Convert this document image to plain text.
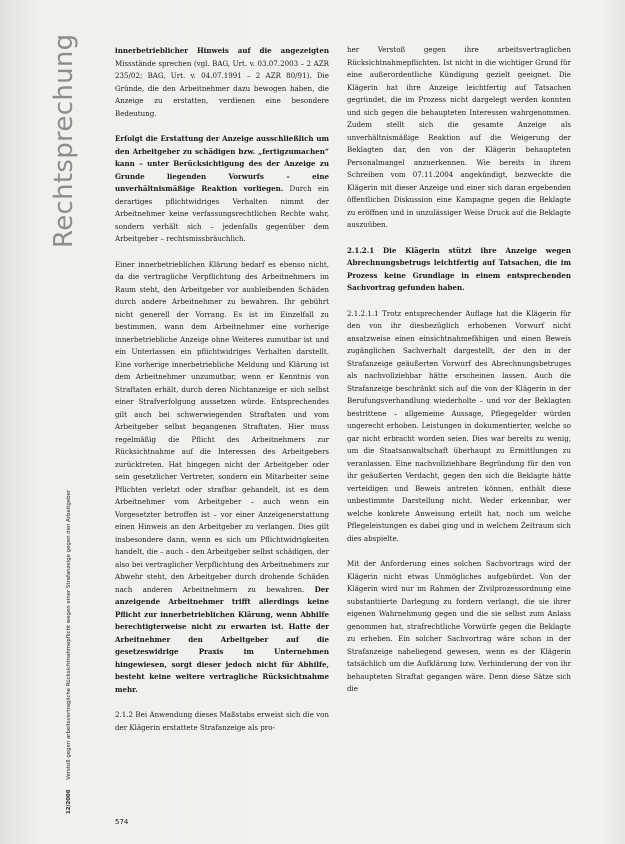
Rechtsprechung
12/2006 Verstoß gegen arbeitsvertragliche Rücksichtnahmepflicht wegen einer Strafanzeige gegen den Arbeitgeber

innerbetrieblicher Hinweis auf die angezeigten Missstände sprechen (vgl. BAG, Urt. v. 03.07.2003 – 2 AZR 235/02; BAG, Urt. v. 04.07.1991 – 2 AZR 80/91). Die Gründe, die den Arbeitnehmer dazu bewogen haben, die Anzeige zu erstatten, verdienen eine besondere Bedeutung.

Erfolgt die Erstattung der Anzeige ausschließlich um den Arbeitgeber zu schädigen bzw. „fertigzumachen“ kann – unter Berücksichtigung des der Anzeige zu Grunde liegenden Vorwurfs – eine unverhältnismäßige Reaktion vorliegen. Durch ein derartiges pflichtwidriges Verhalten nimmt der Arbeitnehmer keine verfassungsrechtlichen Rechte wahr, sondern verhält sich – jedenfalls gegenüber dem Arbeitgeber – rechtsmissbräuchlich.

Einer innerbetrieblichen Klärung bedarf es ebenso nicht, da die vertragliche Verpflichtung des Arbeitnehmers im Raum steht, den Arbeitgeber vor ausbleibenden Schäden durch andere Arbeitnehmer zu bewahren. Ihr gebührt nicht generell der Vorrang. Es ist im Einzelfall zu bestimmen, wann dem Arbeitnehmer eine vorherige innerbetriebliche Anzeige ohne Weiteres zumutbar ist und ein Unterlassen ein pflichtwidriges Verhalten darstellt. Eine vorherige innerbetriebliche Meldung und Klärung ist dem Arbeitnehmer unzumutbar, wenn er Kenntnis von Straftaten erhält, durch deren Nichtanzeige er sich selbst einer Strafverfolgung aussetzen würde. Entsprechendes gilt auch bei schwerwiegenden Straftaten und vom Arbeitgeber selbst begangenen Straftaten. Hier muss regelmäßig die Pflicht des Arbeitnehmers zur Rücksichtnahme auf die Interessen des Arbeitgebers zurücktreten. Hat hingegen nicht der Arbeitgeber oder sein gesetzlicher Vertreter, sondern ein Mitarbeiter seine Pflichten verletzt oder strafbar gehandelt, ist es dem Arbeitnehmer vom Arbeitgeber – auch wenn ein Vorgesetzter betroffen ist – vor einer Anzeigenerstattung einen Hinweis an den Arbeitgeber zu verlangen. Dies gilt insbesondere dann, wenn es sich um Pflichtwidrigkeiten handelt, die – auch – den Arbeitgeber selbst schädigen, der also bei vertraglicher Verpflichtung des Arbeitnehmers zur Abwehr steht, den Arbeitgeber durch drohende Schäden nach anderen Arbeitnehmern zu bewahren. Der anzeigende Arbeitnehmer trifft allerdings keine Pflicht zur innerbetrieblichen Klärung, wenn Abhilfe berechtigterweise nicht zu erwarten ist. Hatte der Arbeitnehmer den Arbeitgeber auf die gesetzeswidrige Praxis im Unternehmen hingewiesen, sorgt dieser jedoch nicht für Abhilfe, besteht keine weitere vertragliche Rücksichtnahme mehr.

2.1.2 Bei Anwendung dieses Maßstabs erweist sich die von der Klägerin erstattete Strafanzeige als pro-

her Verstoß gegen ihre arbeitsvertraglichen Rücksichtnahmepflichten. Ist nicht in die wichtiger Grund für eine außerordentliche Kündigung gezielt geeignet. Die Klägerin hat ihre Anzeige leichtfertig auf Tatsachen gegründet, die im Prozess nicht dargelegt werden konnten und sich gegen die behaupteten Interessen wahrgenommen. Zudem stellt sich die gesamte Anzeige als unverhältnismäßige Reaktion auf die Weigerung der Beklagten dar, den von der Klägerin behaupteten Personalmangel anzuerkennen. Wie bereits in ihrem Schreiben vom 07.11.2004 angekündigt, bezweckte die Klägerin mit dieser Anzeige und einer sich daran ergebenden öffentlichen Diskussion eine Kampagne gegen die Beklagte zu eröffnen und in unzulässiger Weise Druck auf die Beklagte auszuüben.

2.1.2.1 Die Klägerin stützt ihre Anzeige wegen Abrechnungsbetrugs leichtfertig auf Tatsachen, die im Prozess keine Grundlage in einem entsprechenden Sachvortrag gefunden haben.

2.1.2.1.1 Trotz entsprechender Auflage hat die Klägerin für den von ihr diesbezüglich erhobenen Vorwurf nicht ansatzweise einen einsichtnahmefähigen und einen Beweis zugänglichen Sachverhalt dargestellt, der den in der Strafanzeige geäußerten Vorwurf des Abrechnungsbetruges als nachvollziehbar hätte erscheinen lassen. Auch die Strafanzeige beschränkt sich auf die von der Klägerin in der Berufungsverhandlung wiederholte – und vor der Beklagten bestrittene – allgemeine Aussage, Pflegegelder würden ungerecht erhoben. Leistungen in dokumentierter, welche so gar nicht erbracht worden seien. Dies war bereits zu wenig, um die Staatsanwaltschaft überhaupt zu Ermittlungen zu veranlassen. Eine nachvollziehbare Begründung für den von ihr geäußerten Verdacht, gegen den sich die Beklagte hätte verteidigen und Beweis antreten können, enthält diese unbestimmte Darstellung nicht. Weder erkennbar, wer welche konkrete Anweisung erteilt hat, noch um welche Pflegeleistungen es dabei ging und in welchem Zeitraum sich dies abspielte.

Mit der Anforderung eines solchen Sachvortrags wird der Klägerin nicht etwas Unmögliches aufgebürdet. Von der Klägerin wird nur im Rahmen der Zivilprozessordnung eine substantiierte Darlegung zu fordern verlangt, die sie ihrer eigenen Wahrnehmung gegen und die sie selbst zum Anlass genommen hat, strafrechtliche Vorwürfe gegen die Beklagte zu erheben. Ein solcher Sachvortrag wäre schon in der Strafanzeige naheliegend gewesen, wenn es der Klägerin tatsächlich um die Aufklärung bzw. Verhinderung der von ihr behaupteten Straftat gegangen wäre. Denn diese Sätze sich die

574
